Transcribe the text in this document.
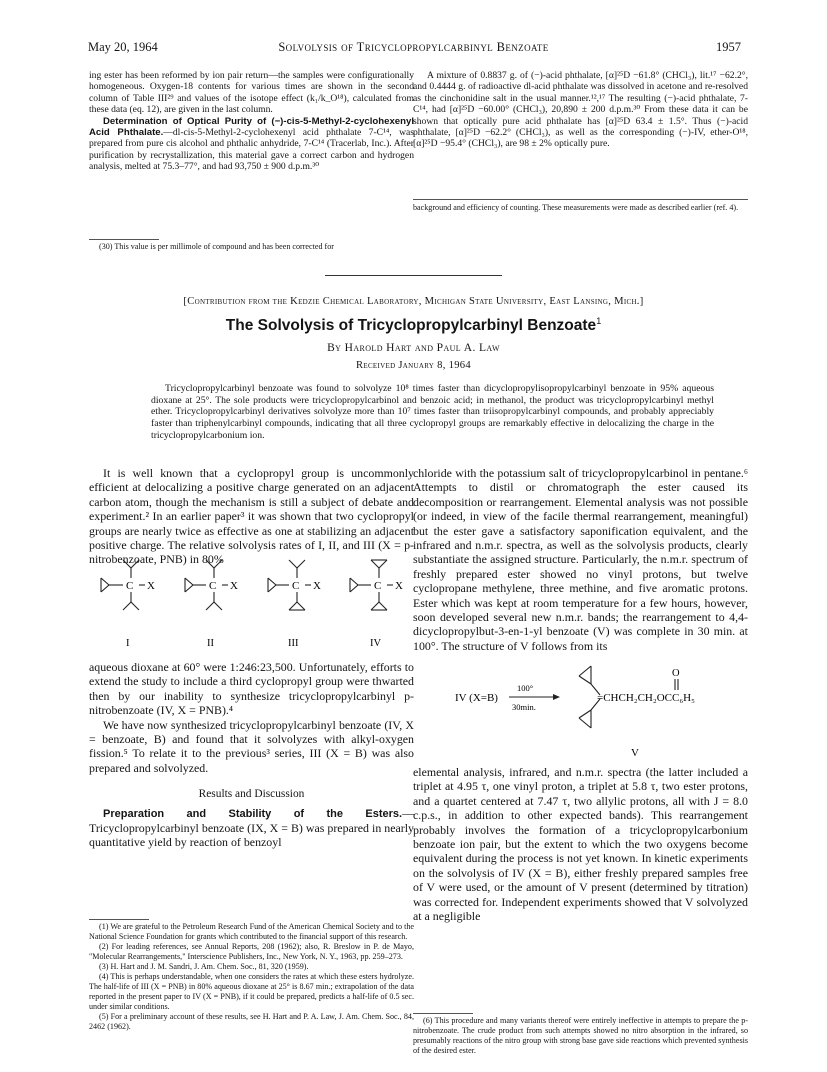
May 20, 1964	Solvolysis of Tricyclopropylcarbinyl Benzoate	1957

ing ester has been reformed by ion pair return—the samples were configurationally homogeneous. Oxygen-18 contents for various times are shown in the second column of Table III²⁹ and values of the isotope effect (k₁/k_O¹⁸), calculated from these data (eq. 12), are given in the last column.

Determination of Optical Purity of (−)-cis-5-Methyl-2-cyclohexenyl Acid Phthalate.—dl-cis-5-Methyl-2-cyclohexenyl acid phthalate 7-C¹⁴, was prepared from pure cis alcohol and phthalic anhydride, 7-C¹⁴ (Tracerlab, Inc.). After purification by recrystallization, this material gave a correct carbon and hydrogen analysis, melted at 75.3–77°, and had 93,750 ± 900 d.p.m.³⁰

(30) This value is per millimole of compound and has been corrected for

A mixture of 0.8837 g. of (−)-acid phthalate, [α]²⁵D −61.8° (CHCl₃), lit.¹⁷ −62.2°, and 0.4444 g. of radioactive dl-acid phthalate was dissolved in acetone and re-resolved as the cinchonidine salt in the usual manner.¹²,¹⁷ The resulting (−)-acid phthalate, 7-C¹⁴, had [α]²⁵D −60.00° (CHCl₃), 20,890 ± 200 d.p.m.³⁰ From these data it can be shown that optically pure acid phthalate has [α]²⁵D 63.4 ± 1.5°. Thus (−)-acid phthalate, [α]²⁵D −62.2° (CHCl₃), as well as the corresponding (−)-IV, ether-O¹⁸, [α]²⁵D −95.4° (CHCl₃), are 98 ± 2% optically pure.

background and efficiency of counting. These measurements were made as described earlier (ref. 4).

[Contribution from the Kedzie Chemical Laboratory, Michigan State University, East Lansing, Mich.]
The Solvolysis of Tricyclopropylcarbinyl Benzoate$^1$
By Harold Hart and Paul A. Law
Received January 8, 1964
Tricyclopropylcarbinyl benzoate was found to solvolyze 10⁸ times faster than dicyclopropylisopropylcarbinyl benzoate in 95% aqueous dioxane at 25°. The sole products were tricyclopropylcarbinol and benzoic acid; in methanol, the product was tricyclopropylcarbinyl methyl ether. Tricyclopropylcarbinyl derivatives solvolyze more than 10⁷ times faster than triisopropylcarbinyl compounds, and probably appreciably faster than triphenylcarbinyl compounds, indicating that all three cyclopropyl groups are remarkably effective in delocalizing the charge in the tricyclopropylcarbonium ion.

It is well known that a cyclopropyl group is uncommonly efficient at delocalizing a positive charge generated on an adjacent carbon atom, though the mechanism is still a subject of debate and experiment.² In an earlier paper³ it was shown that two cyclopropyl groups are nearly twice as effective as one at stabilizing an adjacent positive charge. The relative solvolysis rates of I, II, and III (X = p-nitrobenzoate, PNB) in 80%

C X	C X	C X	C X
I	II	III	IV

aqueous dioxane at 60° were 1:246:23,500. Unfortunately, efforts to extend the study to include a third cyclopropyl group were thwarted then by our inability to synthesize tricyclopropylcarbinyl p-nitrobenzoate (IV, X = PNB).⁴

We have now synthesized tricyclopropylcarbinyl benzoate (IV, X = benzoate, B) and found that it solvolyzes with alkyl-oxygen fission.⁵ To relate it to the previous³ series, III (X = B) was also prepared and solvolyzed.

Results and Discussion

Preparation and Stability of the Esters.—Tricyclopropylcarbinyl benzoate (IX, X = B) was prepared in nearly quantitative yield by reaction of benzoyl

(1) We are grateful to the Petroleum Research Fund of the American Chemical Society and to the National Science Foundation for grants which contributed to the financial support of this research.

(2) For leading references, see Annual Reports, 208 (1962); also, R. Breslow in P. de Mayo, "Molecular Rearrangements," Interscience Publishers, Inc., New York, N. Y., 1963, pp. 259–273.

(3) H. Hart and J. M. Sandri, J. Am. Chem. Soc., 81, 320 (1959).

(4) This is perhaps understandable, when one considers the rates at which these esters hydrolyze. The half-life of III (X = PNB) in 80% aqueous dioxane at 25° is 8.67 min.; extrapolation of the data reported in the present paper to IV (X = PNB), if it could be prepared, predicts a half-life of 0.5 sec. under similar conditions.

(5) For a preliminary account of these results, see H. Hart and P. A. Law, J. Am. Chem. Soc., 84, 2462 (1962).

chloride with the potassium salt of tricyclopropylcarbinol in pentane.⁶ Attempts to distil or chromatograph the ester caused its decomposition or rearrangement. Elemental analysis was not possible (or indeed, in view of the facile thermal rearrangement, meaningful) but the ester gave a satisfactory saponification equivalent, and the infrared and n.m.r. spectra, as well as the solvolysis products, clearly substantiate the assigned structure. Particularly, the n.m.r. spectrum of freshly prepared ester showed no vinyl protons, but twelve cyclopropane methylene, three methine, and five aromatic protons. Ester which was kept at room temperature for a few hours, however, soon developed several new n.m.r. bands; the rearrangement to 4,4-dicyclopropylbut-3-en-1-yl benzoate (V) was complete in 30 min. at 100°. The structure of V follows from its

IV (X=B)
100°
30min.
=CHCH₂CH₂OCC₆H₅
O
V

elemental analysis, infrared, and n.m.r. spectra (the latter included a triplet at 4.95 τ, one vinyl proton, a triplet at 5.8 τ, two ester protons, and a quartet centered at 7.47 τ, two allylic protons, all with J = 8.0 c.p.s., in addition to other expected bands). This rearrangement probably involves the formation of a tricyclopropylcarbonium benzoate ion pair, but the extent to which the two oxygens become equivalent during the process is not yet known. In kinetic experiments on the solvolysis of IV (X = B), either freshly prepared samples free of V were used, or the amount of V present (determined by titration) was corrected for. Independent experiments showed that V solvolyzed at a negligible

(6) This procedure and many variants thereof were entirely ineffective in attempts to prepare the p-nitrobenzoate. The crude product from such attempts showed no nitro absorption in the infrared, so presumably reactions of the nitro group with strong base gave side reactions which prevented synthesis of the desired ester.
